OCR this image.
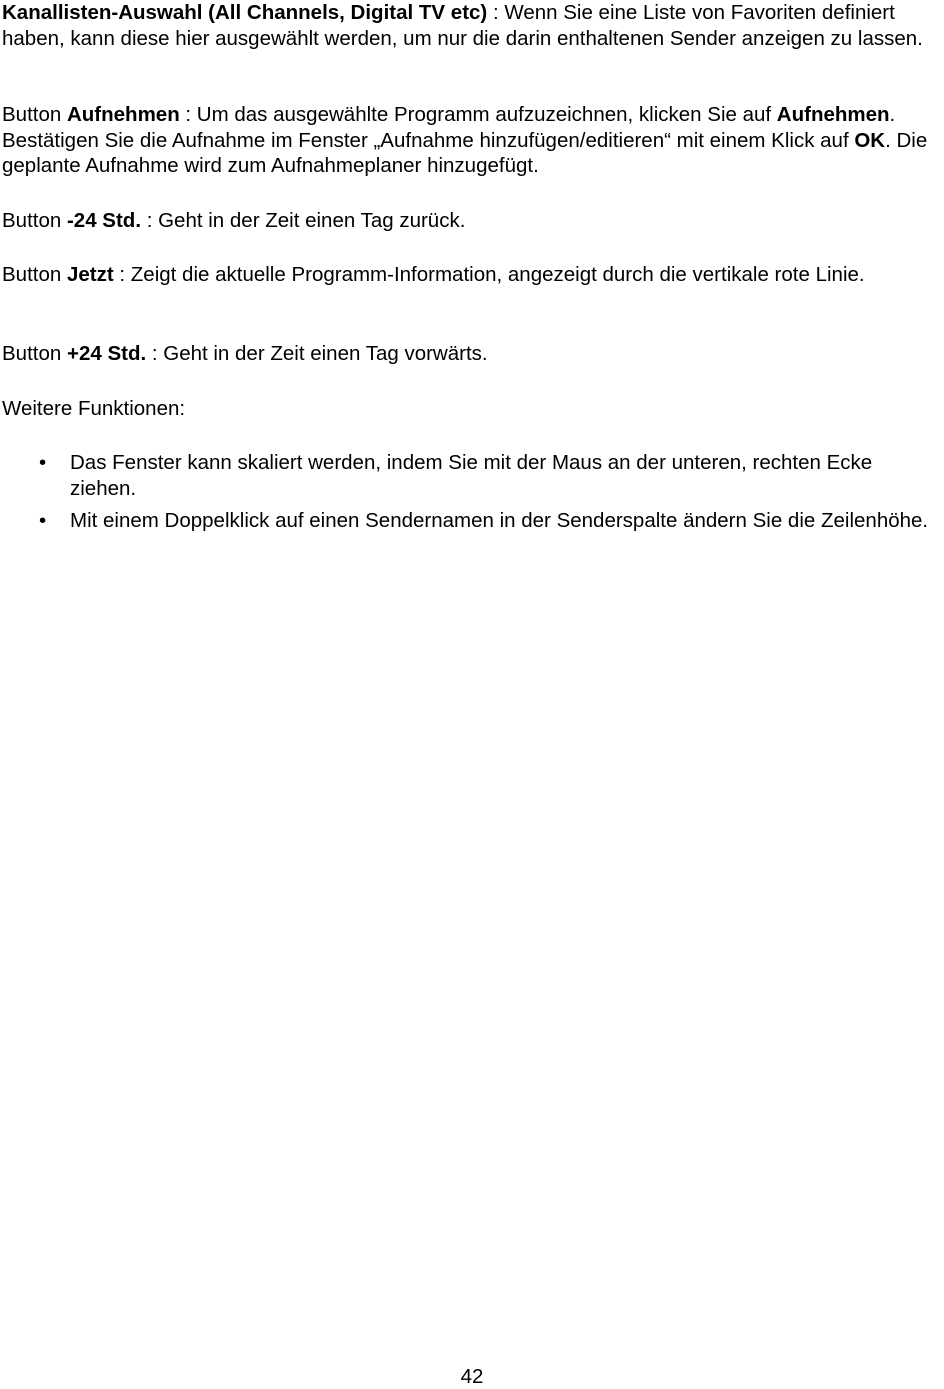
Kanallisten-Auswahl (All Channels, Digital TV etc) : Wenn Sie eine Liste von Favoriten definiert haben, kann diese hier ausgewählt werden, um nur die darin enthaltenen Sender anzeigen zu lassen.

Button Aufnehmen : Um das ausgewählte Programm aufzuzeichnen, klicken Sie auf Aufnehmen. Bestätigen Sie die Aufnahme im Fenster „Aufnahme hinzufügen/editieren“ mit einem Klick auf OK. Die geplante Aufnahme wird zum Aufnahmeplaner hinzugefügt.

Button -24 Std. : Geht in der Zeit einen Tag zurück.

Button Jetzt : Zeigt die aktuelle Programm-Information, angezeigt durch die vertikale rote Linie.

Button +24 Std. : Geht in der Zeit einen Tag vorwärts.

Weitere Funktionen:

• Das Fenster kann skaliert werden, indem Sie mit der Maus an der unteren, rechten Ecke ziehen.
• Mit einem Doppelklick auf einen Sendernamen in der Senderspalte ändern Sie die Zeilenhöhe.
42
